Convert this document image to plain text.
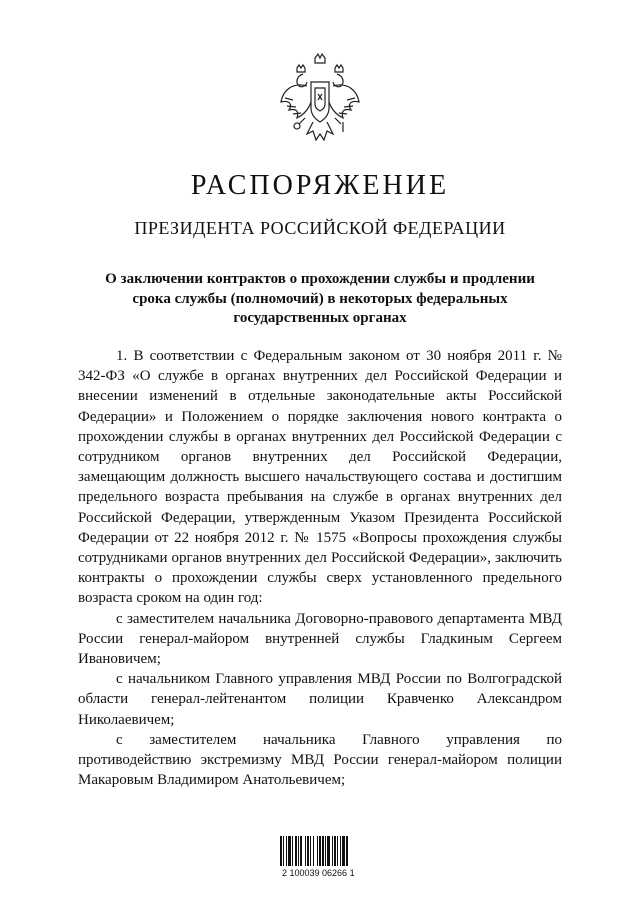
РАСПОРЯЖЕНИЕ
ПРЕЗИДЕНТА РОССИЙСКОЙ ФЕДЕРАЦИИ
О заключении контрактов о прохождении службы и продлении срока службы (полномочий) в некоторых федеральных государственных органах

1. В соответствии с Федеральным законом от 30 ноября 2011 г. № 342-ФЗ «О службе в органах внутренних дел Российской Федерации и внесении изменений в отдельные законодательные акты Российской Федерации» и Положением о порядке заключения нового контракта о прохождении службы в органах внутренних дел Российской Федерации с сотрудником органов внутренних дел Российской Федерации, замещающим должность высшего начальствующего состава и достигшим предельного возраста пребывания на службе в органах внутренних дел Российской Федерации, утвержденным Указом Президента Российской Федерации от 22 ноября 2012 г. № 1575 «Вопросы прохождения службы сотрудниками органов внутренних дел Российской Федерации», заключить контракты о прохождении службы сверх установленного предельного возраста сроком на один год:

с заместителем начальника Договорно-правового департамента МВД России генерал-майором внутренней службы Гладкиным Сергеем Ивановичем;

с начальником Главного управления МВД России по Волгоградской области генерал-лейтенантом полиции Кравченко Александром Николаевичем;

с заместителем начальника Главного управления по противодействию экстремизму МВД России генерал-майором полиции Макаровым Владимиром Анатольевичем;

2 100039 06266 1
